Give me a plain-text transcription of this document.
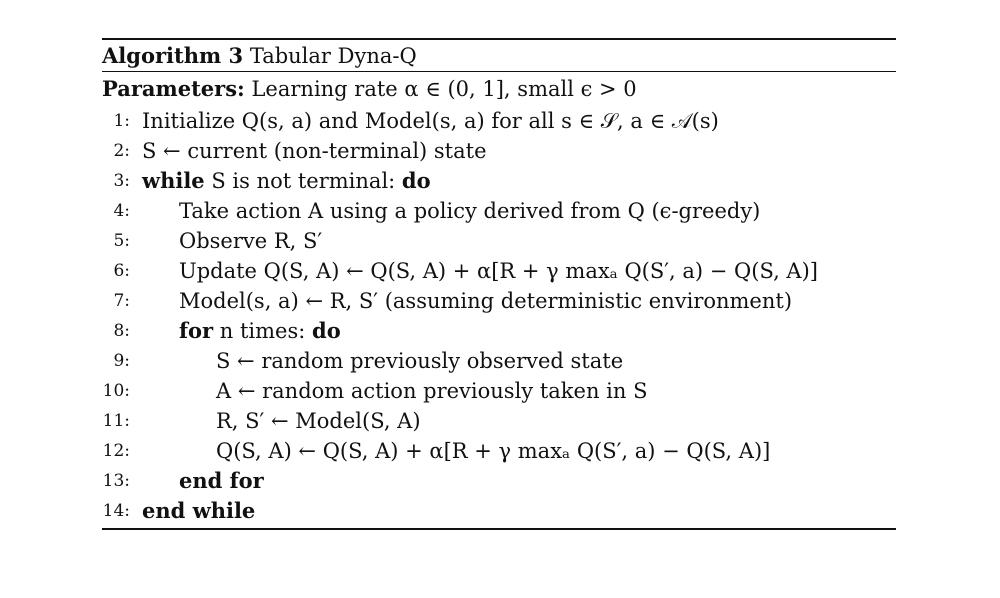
Algorithm 3 Tabular Dyna-Q
Parameters: Learning rate α ∈ (0, 1], small ϵ > 0
1: Initialize Q(s, a) and Model(s, a) for all s ∈ 𝒮, a ∈ 𝒜(s)
2: S ← current (non-terminal) state
3: while S is not terminal: do
4: Take action A using a policy derived from Q (ϵ-greedy)
5: Observe R, S′
6: Update Q(S, A) ← Q(S, A) + α[R + γ maxₐ Q(S′, a) − Q(S, A)]
7: Model(s, a) ← R, S′ (assuming deterministic environment)
8: for n times: do
9:	S ← random previously observed state
10:	A ← random action previously taken in S
11:	R, S′ ← Model(S, A)
12:	Q(S, A) ← Q(S, A) + α[R + γ maxₐ Q(S′, a) − Q(S, A)]
13: end for
14: end while
